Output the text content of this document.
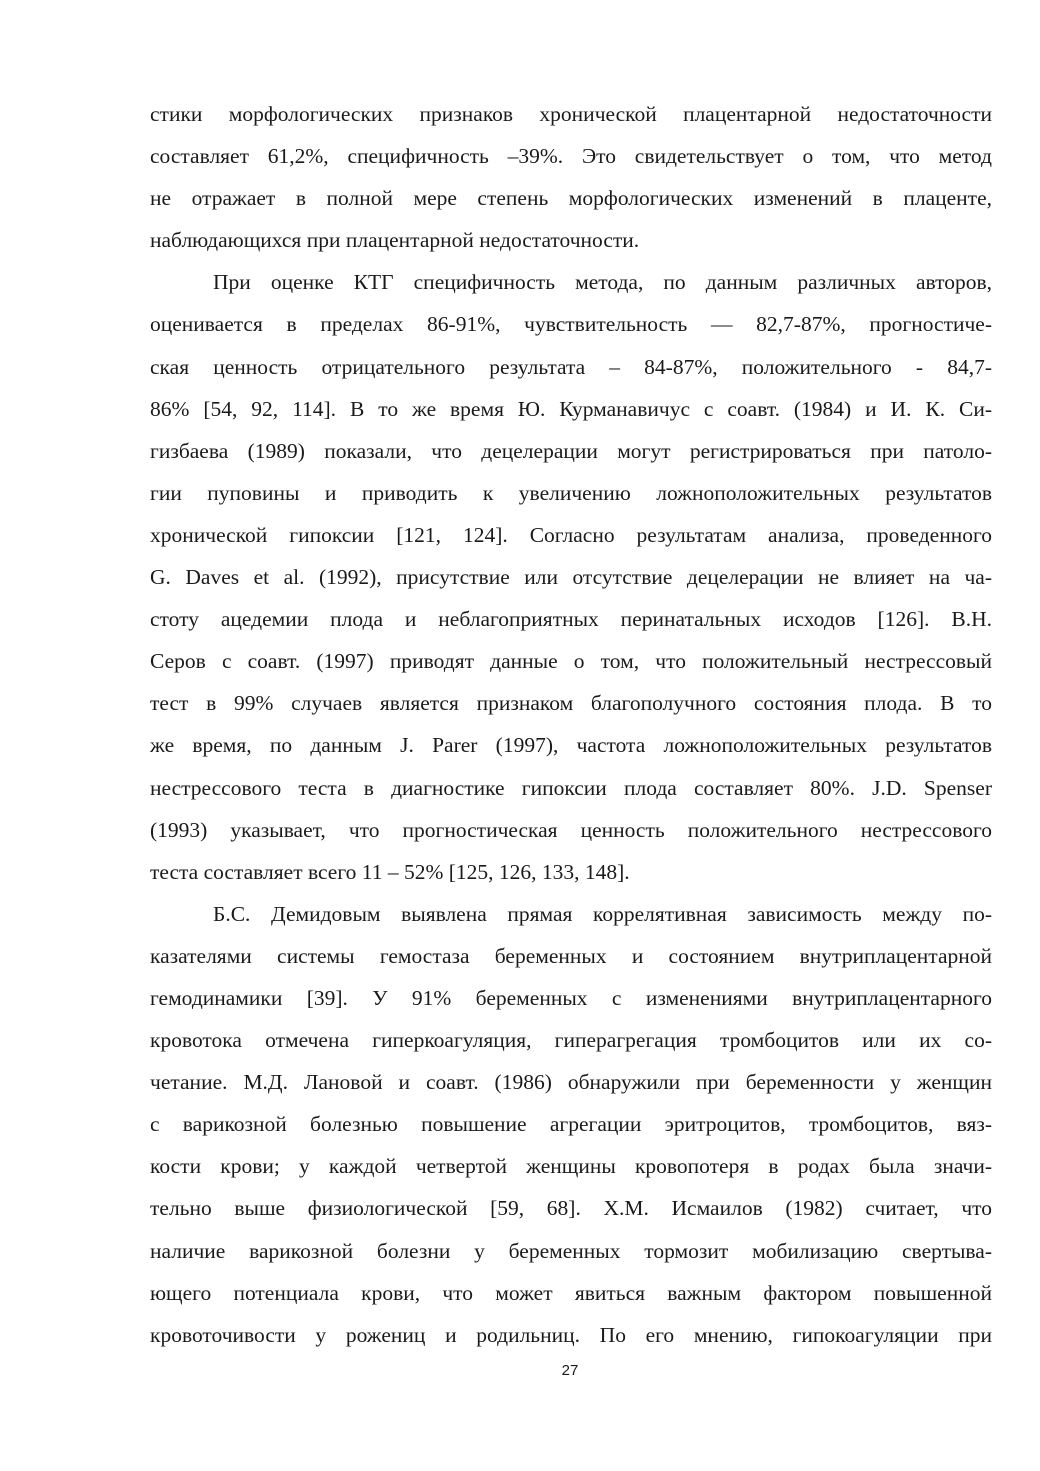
стики морфологических признаков хронической плацентарной недостаточности
составляет 61,2%, специфичность –39%. Это свидетельствует о том, что метод
не отражает в полной мере степень морфологических изменений в плаценте,
наблюдающихся при плацентарной недостаточности.
При оценке КТГ специфичность метода, по данным различных авторов,
оценивается в пределах 86-91%, чувствительность — 82,7-87%, прогностиче-
ская ценность отрицательного результата – 84-87%, положительного - 84,7-
86% [54, 92, 114]. В то же время Ю. Курманавичус с соавт. (1984) и И. К. Си-
гизбаева (1989) показали, что децелерации могут регистрироваться при патоло-
гии пуповины и приводить к увеличению ложноположительных результатов
хронической гипоксии [121, 124]. Согласно результатам анализа, проведенного
G. Daves et al. (1992), присутствие или отсутствие децелерации не влияет на ча-
стоту ацедемии плода и неблагоприятных перинатальных исходов [126]. В.Н.
Серов с соавт. (1997) приводят данные о том, что положительный нестрессовый
тест в 99% случаев является признаком благополучного состояния плода. В то
же время, по данным J. Parer (1997), частота ложноположительных результатов
нестрессового теста в диагностике гипоксии плода составляет 80%. J.D. Spenser
(1993) указывает, что прогностическая ценность положительного нестрессового
теста составляет всего 11 – 52% [125, 126, 133, 148].
Б.С. Демидовым выявлена прямая коррелятивная зависимость между по-
казателями системы гемостаза беременных и состоянием внутриплацентарной
гемодинамики [39]. У 91% беременных с изменениями внутриплацентарного
кровотока отмечена гиперкоагуляция, гиперагрегация тромбоцитов или их со-
четание. М.Д. Лановой и соавт. (1986) обнаружили при беременности у женщин
с варикозной болезнью повышение агрегации эритроцитов, тромбоцитов, вяз-
кости крови; у каждой четвертой женщины кровопотеря в родах была значи-
тельно выше физиологической [59, 68]. Х.М. Исмаилов (1982) считает, что
наличие варикозной болезни у беременных тормозит мобилизацию свертыва-
ющего потенциала крови, что может явиться важным фактором повышенной
кровоточивости у рожениц и родильниц. По его мнению, гипокоагуляции при
27
